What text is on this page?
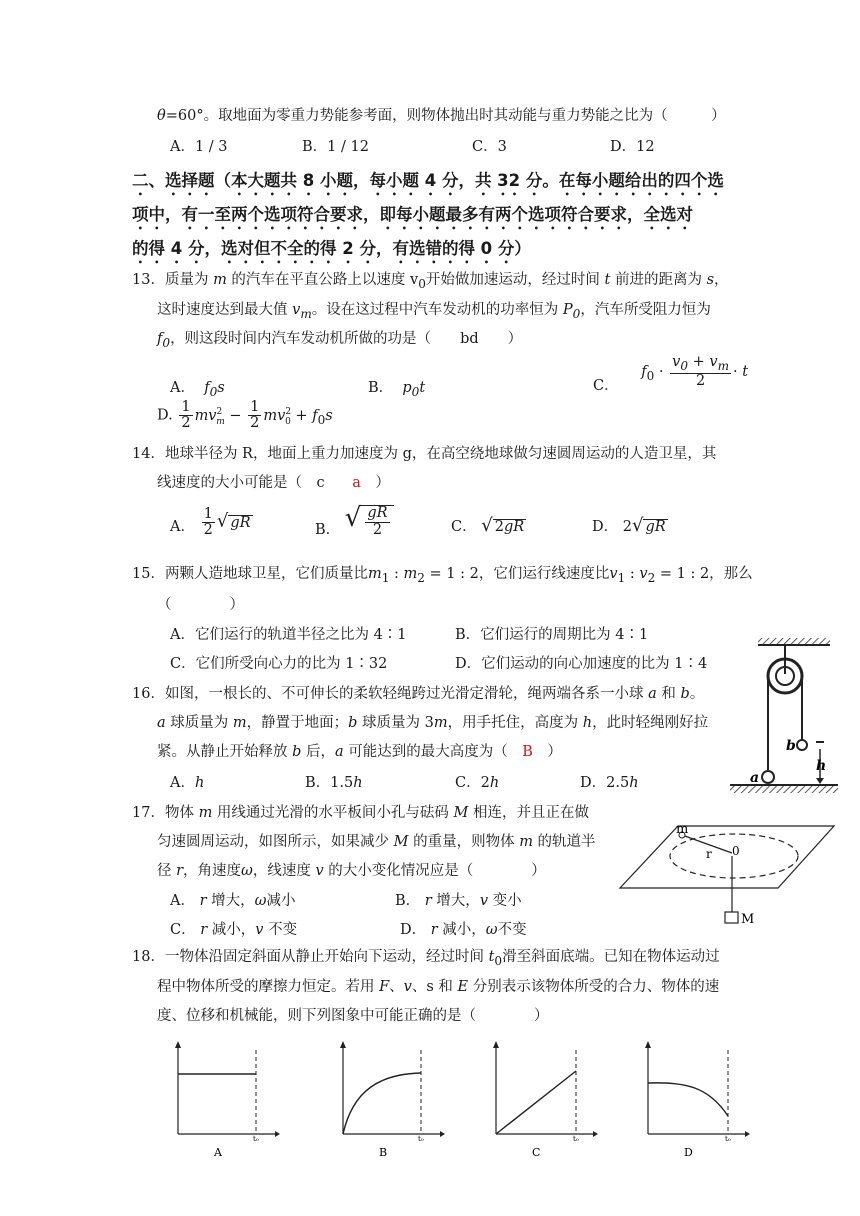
θ=60°。取地面为零重力势能参考面，则物体抛出时其动能与重力势能之比为（　　　）
A．1 / 3	B．1 / 12	C．3	D．12
二、选择题（本大题共 8 小题，每小题 4 分，共 32 分。在每小题给出的四个选
项中，有一至两个选项符合要求，即每小题最多有两个选项符合要求，全选对
的得 4 分，选对但不全的得 2 分，有选错的得 0 分）
13．质量为 m 的汽车在平直公路上以速度 $v_0$开始做加速运动，经过时间 t 前进的距离为 s，
这时速度达到最大值 $v_m$。设在这过程中汽车发动机的功率恒为 $P_0$，汽车所受阻力恒为
$f_0$，则这段时间内汽车发动机所做的功是（　　bd　　）
A． $f_0s$	B． $p_0t$	C． $f_0 \cdot \frac{v_0 + v_m}{2} \cdot t$
D. $\frac{1}{2} mv^2_m - \frac{1}{2} mv^2_0 + f_0s$
14．地球半径为 R，地面上重力加速度为 g，在高空绕地球做匀速圆周运动的人造卫星，其
线速度的大小可能是（　c a　）
A． $\frac{1}{2}$ √ gR	B． √ $\frac{gR}{2}$	C． √ 2gR	D． 2√ gR
15．两颗人造地球卫星，它们质量比$m_1$ : $m_2 = 1$ : 2，它们运行线速度比$v_1$ : $v_2 = 1$ : 2，那么
（　　　　）
A．它们运行的轨道半径之比为 4∶1	B．它们运行的周期比为 4∶1
C．它们所受向心力的比为 1∶32	D．它们运动的向心加速度的比为 1∶4
16．如图，一根长的、不可伸长的柔软轻绳跨过光滑定滑轮，绳两端各系一小球 a 和 b。
a 球质量为 m，静置于地面；b 球质量为 3m，用手托住，高度为 h，此时轻绳刚好拉
紧。从静止开始释放 b 后，a 可能达到的最大高度为（　B　）
A．h	B．1.5h	C．2h	D．2.5h
b
a
h
17．物体 m 用线通过光滑的水平板间小孔与砝码 M 相连，并且正在做
匀速圆周运动，如图所示，如果减少 M 的重量，则物体 m 的轨道半
径 r，角速度ω，线速度 v 的大小变化情况应是（　　　　）
A． r 增大，ω减小	B． r 增大，v 变小
C． r 减小，v 不变	D． r 减小，ω不变
m
r 0
M
18．一物体沿固定斜面从静止开始向下运动，经过时间 $t_0$滑至斜面底端。已知在物体运动过
程中物体所受的摩擦力恒定。若用 F、v、s 和 E 分别表示该物体所受的合力、物体的速
度、位移和机械能，则下列图象中可能正确的是（　　　　）
t₀
A
t₀
B
t₀
C
t₀
D
